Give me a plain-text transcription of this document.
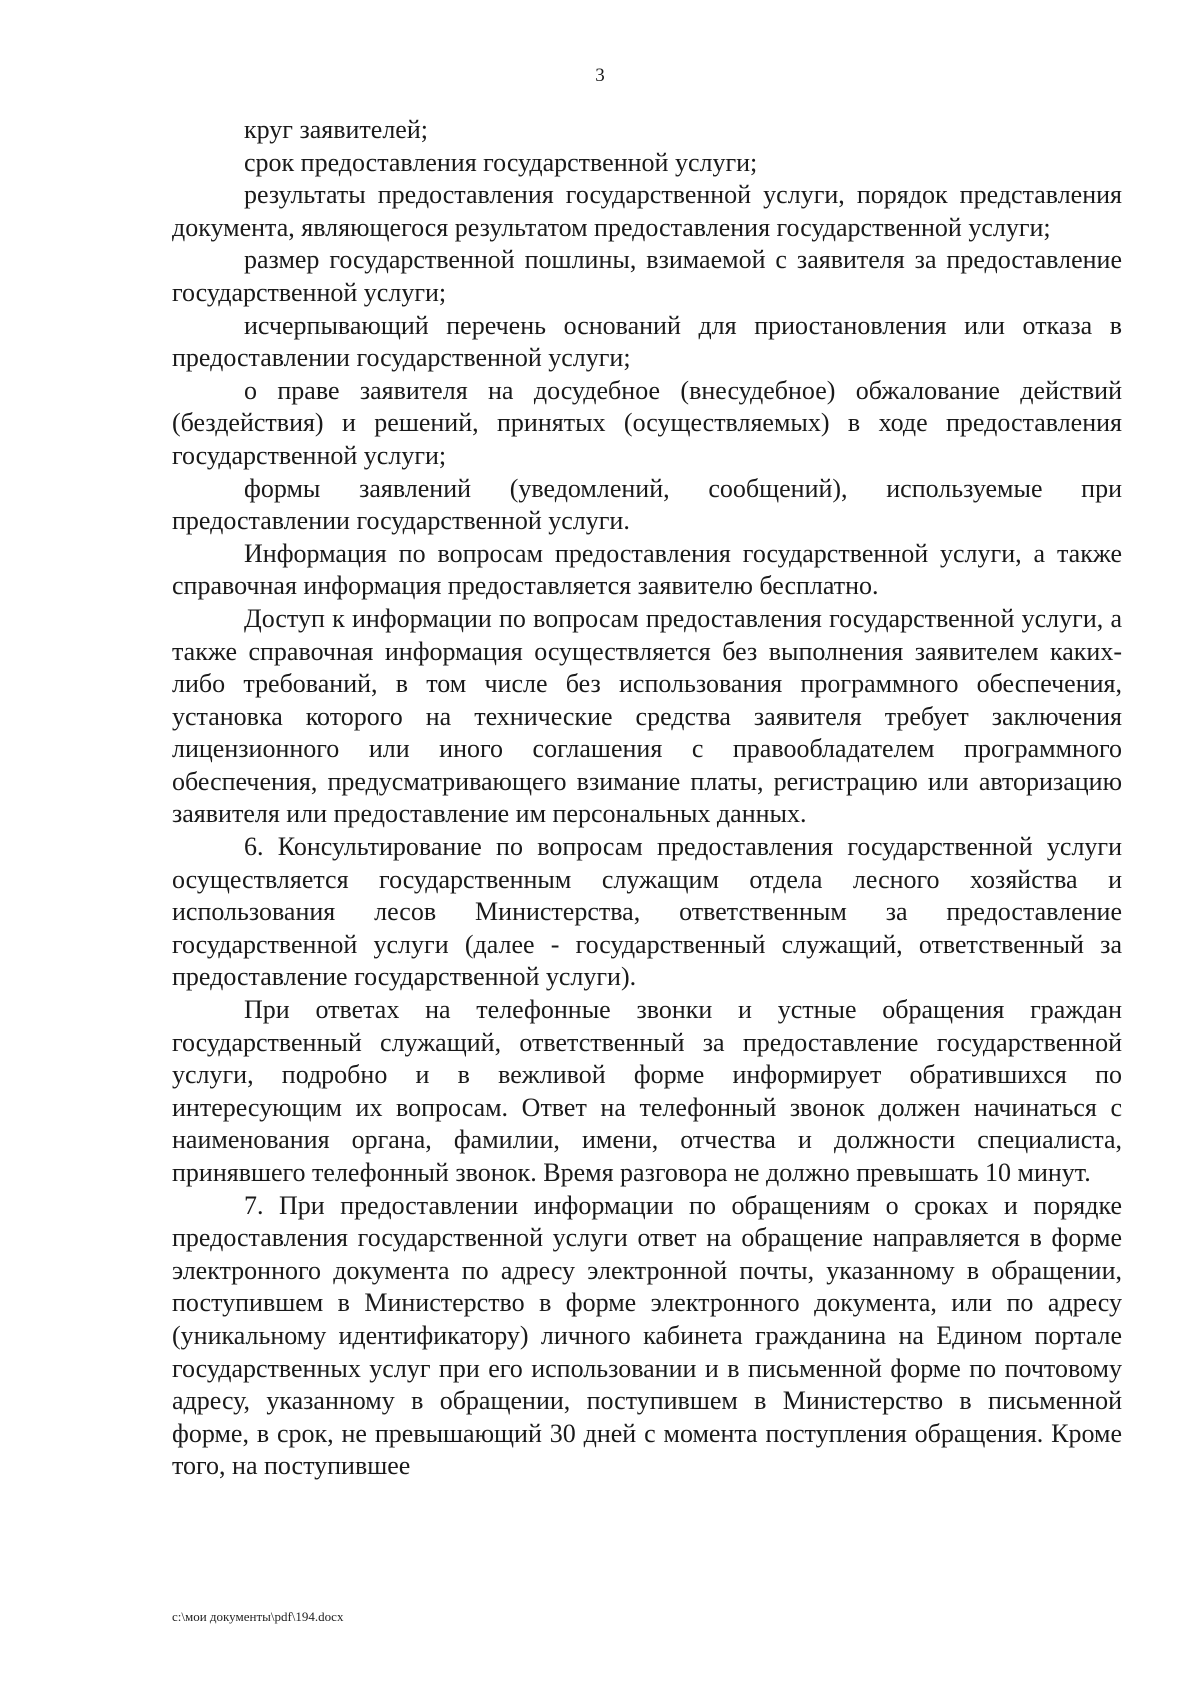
3

круг заявителей;

срок предоставления государственной услуги;

результаты предоставления государственной услуги, порядок представления документа, являющегося результатом предоставления государственной услуги;

размер государственной пошлины, взимаемой с заявителя за предоставление государственной услуги;

исчерпывающий перечень оснований для приостановления или отказа в предоставлении государственной услуги;

о праве заявителя на досудебное (внесудебное) обжалование действий (бездействия) и решений, принятых (осуществляемых) в ходе предоставления государственной услуги;

формы заявлений (уведомлений, сообщений), используемые при предоставлении государственной услуги.

Информация по вопросам предоставления государственной услуги, а также справочная информация предоставляется заявителю бесплатно.

Доступ к информации по вопросам предоставления государственной услуги, а также справочная информация осуществляется без выполнения заявителем каких-либо требований, в том числе без использования программного обеспечения, установка которого на технические средства заявителя требует заключения лицензионного или иного соглашения с правообладателем программного обеспечения, предусматривающего взимание платы, регистрацию или авторизацию заявителя или предоставление им персональных данных.

6. Консультирование по вопросам предоставления государственной услуги осуществляется государственным служащим отдела лесного хозяйства и использования лесов Министерства, ответственным за предоставление государственной услуги (далее - государственный служащий, ответственный за предоставление государственной услуги).

При ответах на телефонные звонки и устные обращения граждан государственный служащий, ответственный за предоставление государственной услуги, подробно и в вежливой форме информирует обратившихся по интересующим их вопросам. Ответ на телефонный звонок должен начинаться с наименования органа, фамилии, имени, отчества и должности специалиста, принявшего телефонный звонок. Время разговора не должно превышать 10 минут.

7. При предоставлении информации по обращениям о сроках и порядке предоставления государственной услуги ответ на обращение направляется в форме электронного документа по адресу электронной почты, указанному в обращении, поступившем в Министерство в форме электронного документа, или по адресу (уникальному идентификатору) личного кабинета гражданина на Едином портале государственных услуг при его использовании и в письменной форме по почтовому адресу, указанному в обращении, поступившем в Министерство в письменной форме, в срок, не превышающий 30 дней с момента поступления обращения. Кроме того, на поступившее

c:\мои документы\pdf\194.docx
